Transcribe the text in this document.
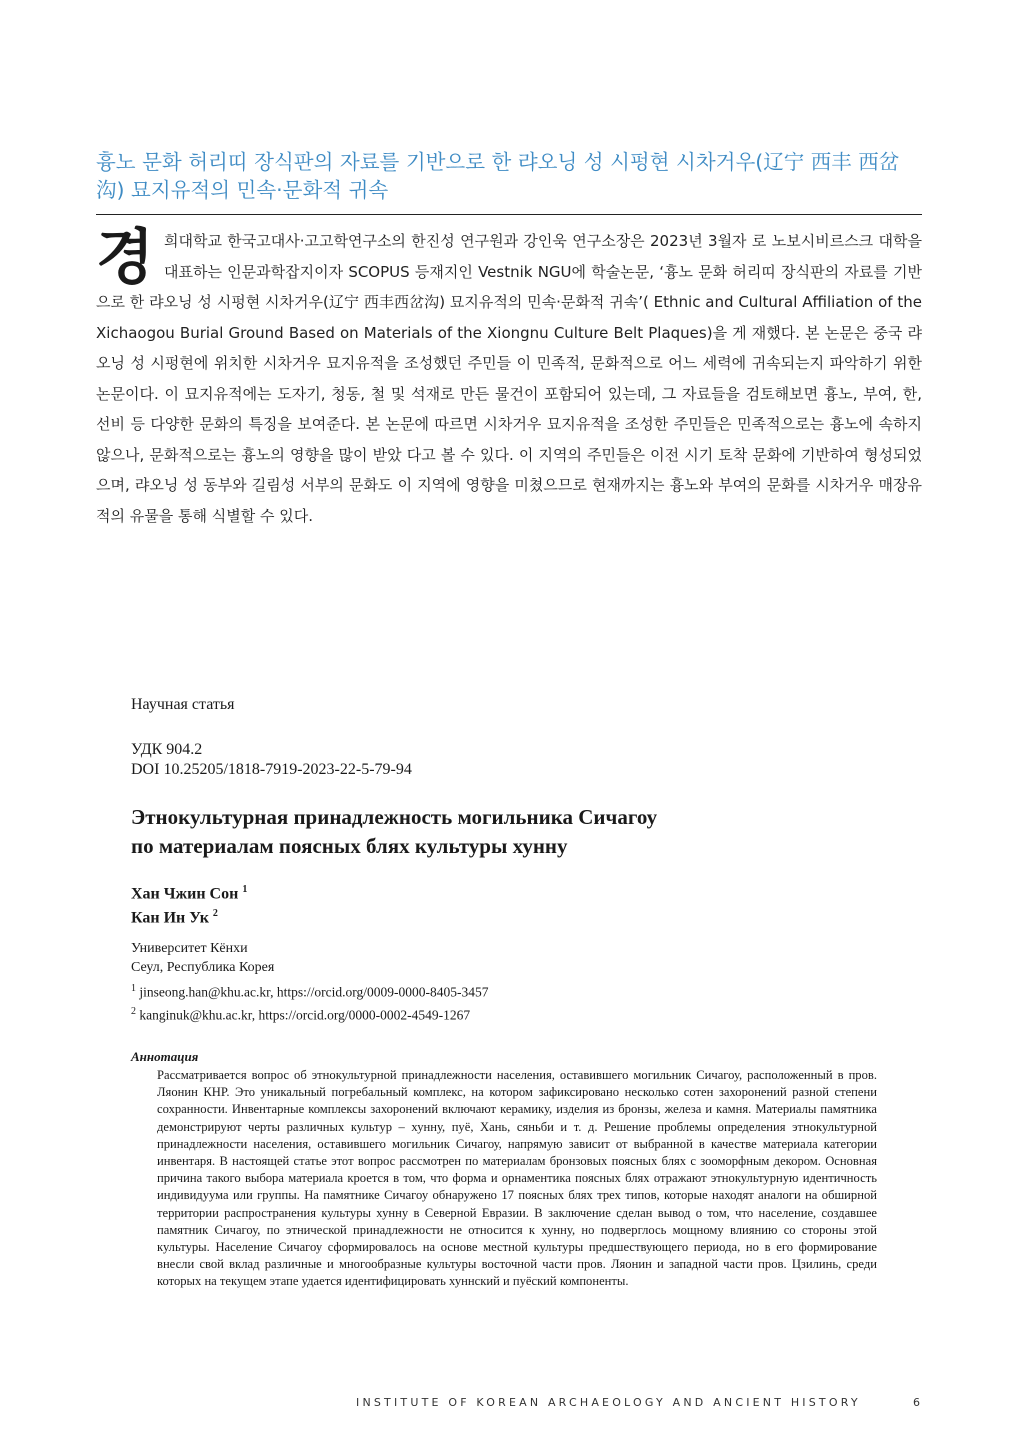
흉노 문화 허리띠 장식판의 자료를 기반으로 한 랴오닝 성 시펑현 시차거우(辽宁 西丰 西岔沟) 묘지유적의 민속·문화적 귀속

경희대학교 한국고대사·고고학연구소의 한진성 연구원과 강인욱 연구소장은 2023년 3월자 로 노보시비르스크 대학을 대표하는 인문과학잡지이자 SCOPUS 등재지인 Vestnik NGU에 학술논문, ‘흉노 문화 허리띠 장식판의 자료를 기반으로 한 랴오닝 성 시펑현 시차거우(辽宁 西丰西岔沟) 묘지유적의 민속·문화적 귀속’( Ethnic and Cultural Affiliation of the Xichaogou Burial Ground Based on Materials of the Xiongnu Culture Belt Plaques)을 게 재했다. 본 논문은 중국 랴오닝 성 시펑현에 위치한 시차거우 묘지유적을 조성했던 주민들 이 민족적, 문화적으로 어느 세력에 귀속되는지 파악하기 위한 논문이다. 이 묘지유적에는 도자기, 청동, 철 및 석재로 만든 물건이 포함되어 있는데, 그 자료들을 검토해보면 흉노, 부여, 한, 선비 등 다양한 문화의 특징을 보여준다. 본 논문에 따르면 시차거우 묘지유적을 조성한 주민들은 민족적으로는 흉노에 속하지 않으나, 문화적으로는 흉노의 영향을 많이 받았 다고 볼 수 있다. 이 지역의 주민들은 이전 시기 토착 문화에 기반하여 형성되었으며, 랴오닝 성 동부와 길림성 서부의 문화도 이 지역에 영향을 미쳤으므로 현재까지는 흉노와 부여의 문화를 시차거우 매장유적의 유물을 통해 식별할 수 있다.

Научная статья
УДК 904.2
DOI 10.25205/1818-7919-2023-22-5-79-94
Этнокультурная принадлежность могильника Сичагоу
по материалам поясных блях культуры хунну
Хан Чжин Сон $^1$
Кан Ин Ук $^2$
Университет Кёнхи
Сеул, Республика Корея
$^1$ jinseong.han@khu.ac.kr, https://orcid.org/0009-0000-8405-3457
$^2$ kanginuk@khu.ac.kr, https://orcid.org/0000-0002-4549-1267
Аннотация

Рассматривается вопрос об этнокультурной принадлежности населения, оставившего могильник Сичагоу, расположенный в пров. Ляонин КНР. Это уникальный погребальный комплекс, на котором зафиксировано несколько сотен захоронений разной степени сохранности. Инвентарные комплексы захоронений включают керамику, изделия из бронзы, железа и камня. Материалы памятника демонстрируют черты различных культур – хунну, пуё, Хань, сяньби и т. д. Решение проблемы определения этнокультурной принадлежности населения, оставившего могильник Сичагоу, напрямую зависит от выбранной в качестве материала категории инвентаря. В настоящей статье этот вопрос рассмотрен по материалам бронзовых поясных блях с зооморфным декором. Основная причина такого выбора материала кроется в том, что форма и орнаментика поясных блях отражают этнокультурную идентичность индивидуума или группы. На памятнике Сичагоу обнаружено 17 поясных блях трех типов, которые находят аналоги на обширной территории распространения культуры хунну в Северной Евразии. В заключение сделан вывод о том, что население, создавшее памятник Сичагоу, по этнической принадлежности не относится к хунну, но подверглось мощному влиянию со стороны этой культуры. Население Сичагоу сформировалось на основе местной культуры предшествующего периода, но в его формирование внесли свой вклад различные и многообразные культуры восточной части пров. Ляонин и западной части пров. Цзилинь, среди которых на текущем этапе удается идентифицировать хуннский и пуёский компоненты.

INSTITUTE OF KOREAN ARCHAEOLOGY AND ANCIENT HISTORY	6
